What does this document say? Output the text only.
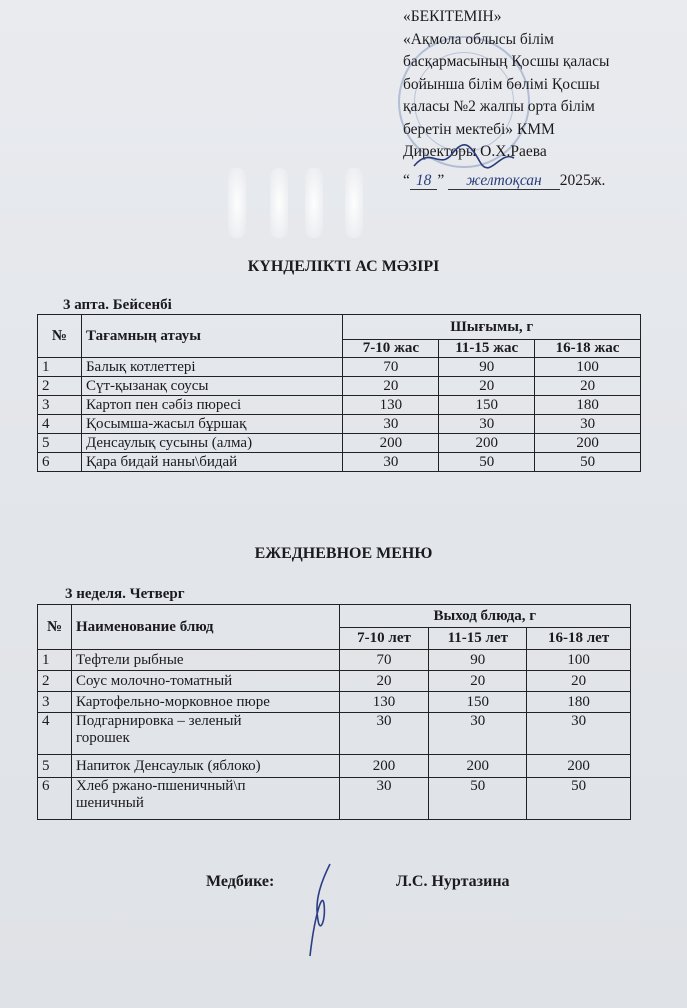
«БЕКІТЕМІН»
«Ақмола облысы білім
басқармасының Қосшы қаласы
бойынша білім бөлімі Қосшы
қаласы №2 жалпы орта білім
беретін мектебі» КММ
Директоры О.Х.Раева
“ 18 ” желтоқсан 2025ж.
КҮНДЕЛІКТІ АС МӘЗІРІ
3 апта. Бейсенбі
№	Тағамның атауы	Шығымы, г		
		7-10 жас	11-15 жас	16-18 жас
1	Балық котлеттері	70	90	100
2	Сүт-қызанақ соусы	20	20	20
3	Картоп пен сәбіз пюресі	130	150	180
4	Қосымша-жасыл бұршақ	30	30	30
5	Денсаулық сусыны (алма)	200	200	200
6	Қара бидай наны\бидай	30	50	50
ЕЖЕДНЕВНОЕ МЕНЮ
3 неделя. Четверг
№	Наименование блюд	Выход блюда, г		
		7-10 лет	11-15 лет	16-18 лет
1	Тефтели рыбные	70	90	100
2	Соус молочно-томатный	20	20	20
3	Картофельно-морковное пюре	130	150	180
4	Подгарнировка – зеленый горошек	30	30	30
5	Напиток Денсаулык (яблоко)	200	200	200
6	Хлеб ржано-пшеничный\пшеничный	30	50	50
Медбике:	Л.С. Нуртазина
